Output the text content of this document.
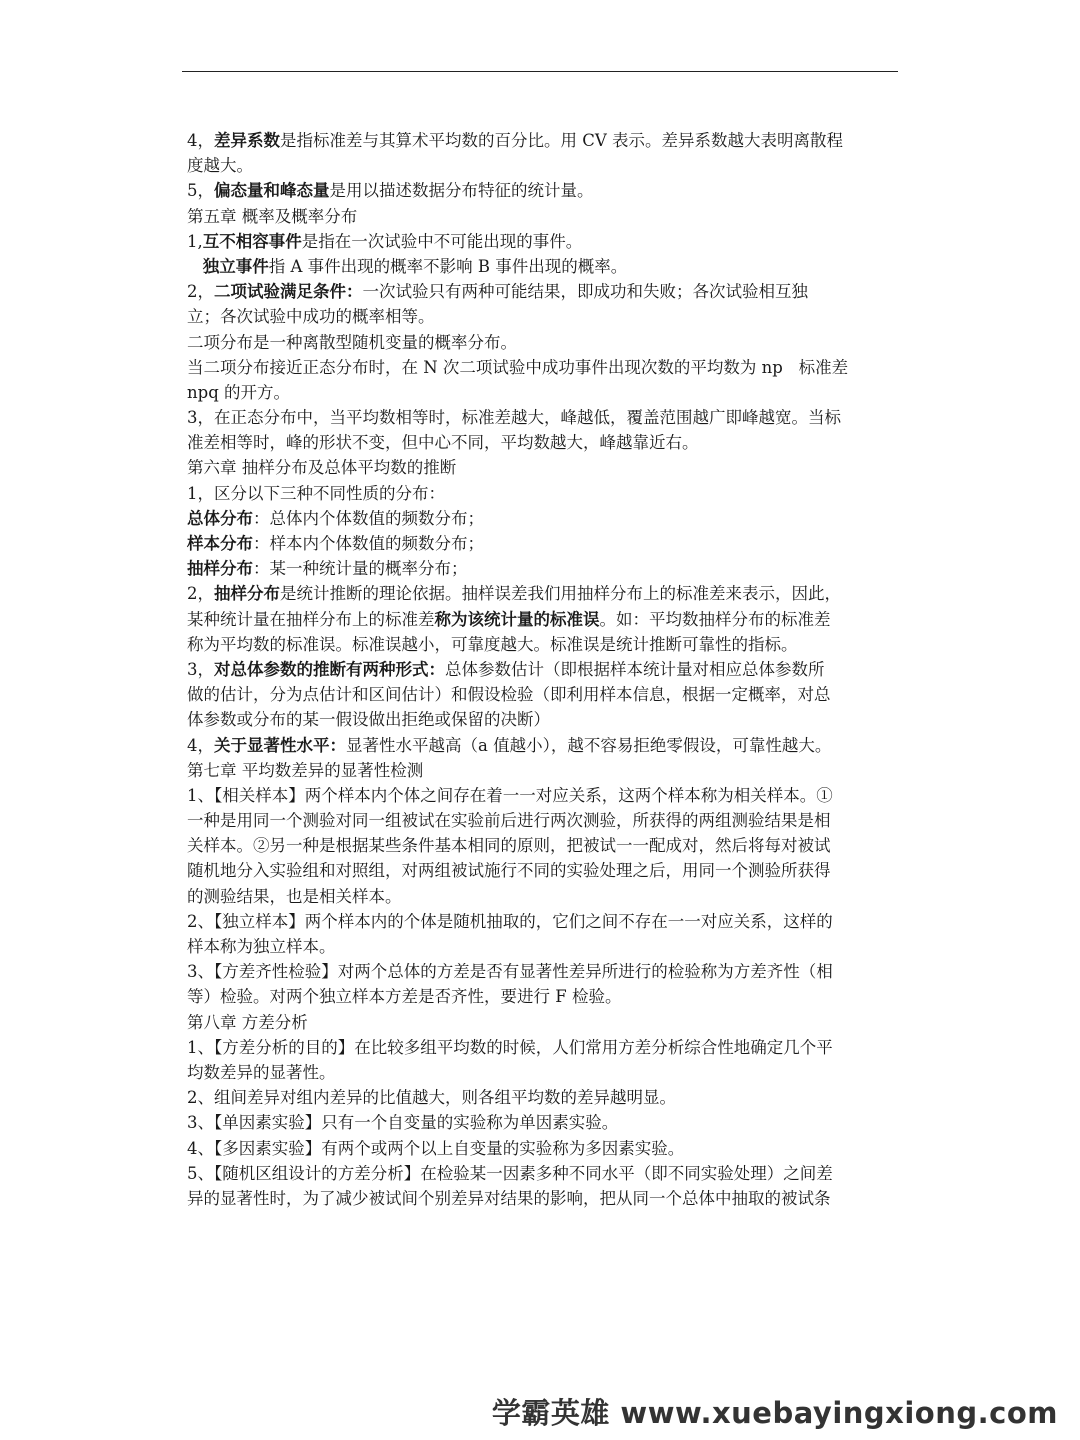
4，差异系数是指标准差与其算术平均数的百分比。用 CV 表示。差异系数越大表明离散程
度越大。
5，偏态量和峰态量是用以描述数据分布特征的统计量。
第五章 概率及概率分布
1,互不相容事件是指在一次试验中不可能出现的事件。
独立事件指 A 事件出现的概率不影响 B 事件出现的概率。
2，二项试验满足条件：一次试验只有两种可能结果，即成功和失败；各次试验相互独
立；各次试验中成功的概率相等。
二项分布是一种离散型随机变量的概率分布。
当二项分布接近正态分布时，在 N 次二项试验中成功事件出现次数的平均数为 np   标准差
npq 的开方。
3，在正态分布中，当平均数相等时，标准差越大，峰越低，覆盖范围越广即峰越宽。当标
准差相等时，峰的形状不变，但中心不同，平均数越大，峰越靠近右。
第六章 抽样分布及总体平均数的推断
1，区分以下三种不同性质的分布：
总体分布：总体内个体数值的频数分布；
样本分布：样本内个体数值的频数分布；
抽样分布：某一种统计量的概率分布；
2，抽样分布是统计推断的理论依据。抽样误差我们用抽样分布上的标准差来表示，因此，
某种统计量在抽样分布上的标准差称为该统计量的标准误。如：平均数抽样分布的标准差
称为平均数的标准误。标准误越小，可靠度越大。标准误是统计推断可靠性的指标。
3，对总体参数的推断有两种形式：总体参数估计（即根据样本统计量对相应总体参数所
做的估计，分为点估计和区间估计）和假设检验（即利用样本信息，根据一定概率，对总
体参数或分布的某一假设做出拒绝或保留的决断）
4，关于显著性水平：显著性水平越高（a 值越小），越不容易拒绝零假设，可靠性越大。
第七章 平均数差异的显著性检测
1、【相关样本】两个样本内个体之间存在着一一对应关系，这两个样本称为相关样本。①
一种是用同一个测验对同一组被试在实验前后进行两次测验，所获得的两组测验结果是相
关样本。②另一种是根据某些条件基本相同的原则，把被试一一配成对，然后将每对被试
随机地分入实验组和对照组，对两组被试施行不同的实验处理之后，用同一个测验所获得
的测验结果，也是相关样本。
2、【独立样本】两个样本内的个体是随机抽取的，它们之间不存在一一对应关系，这样的
样本称为独立样本。
3、【方差齐性检验】对两个总体的方差是否有显著性差异所进行的检验称为方差齐性（相
等）检验。对两个独立样本方差是否齐性，要进行 F 检验。
第八章 方差分析
1、【方差分析的目的】在比较多组平均数的时候，人们常用方差分析综合性地确定几个平
均数差异的显著性。
2、组间差异对组内差异的比值越大，则各组平均数的差异越明显。
3、【单因素实验】只有一个自变量的实验称为单因素实验。
4、【多因素实验】有两个或两个以上自变量的实验称为多因素实验。
5、【随机区组设计的方差分析】在检验某一因素多种不同水平（即不同实验处理）之间差
异的显著性时，为了减少被试间个别差异对结果的影响，把从同一个总体中抽取的被试条
学霸英雄 www.xuebayingxiong.com
